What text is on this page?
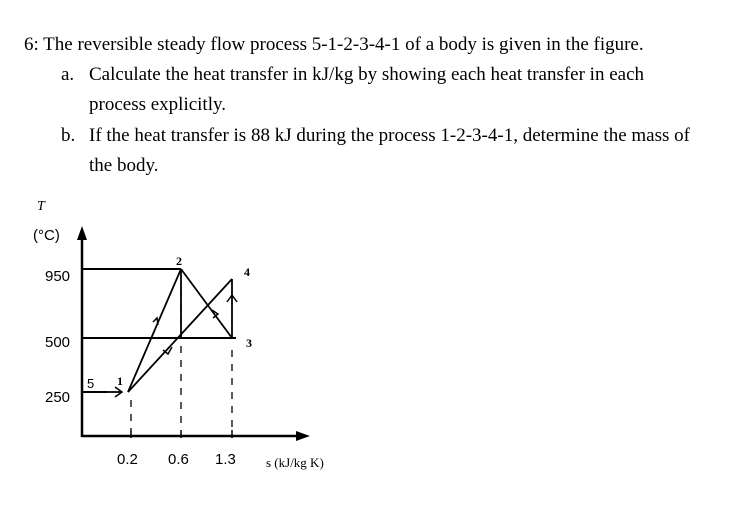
6: The reversible steady flow process 5-1-2-3-4-1 of a body is given in the figure.
a. Calculate the heat transfer in kJ/kg by showing each heat transfer in each
process explicitly.
b. If the heat transfer is 88 kJ during the process 1-2-3-4-1, determine the mass of
the body.
T
(°C)
s (kJ/kg K)
950
500
250
0.2 0.6 1.3
5 1
2
3
4
